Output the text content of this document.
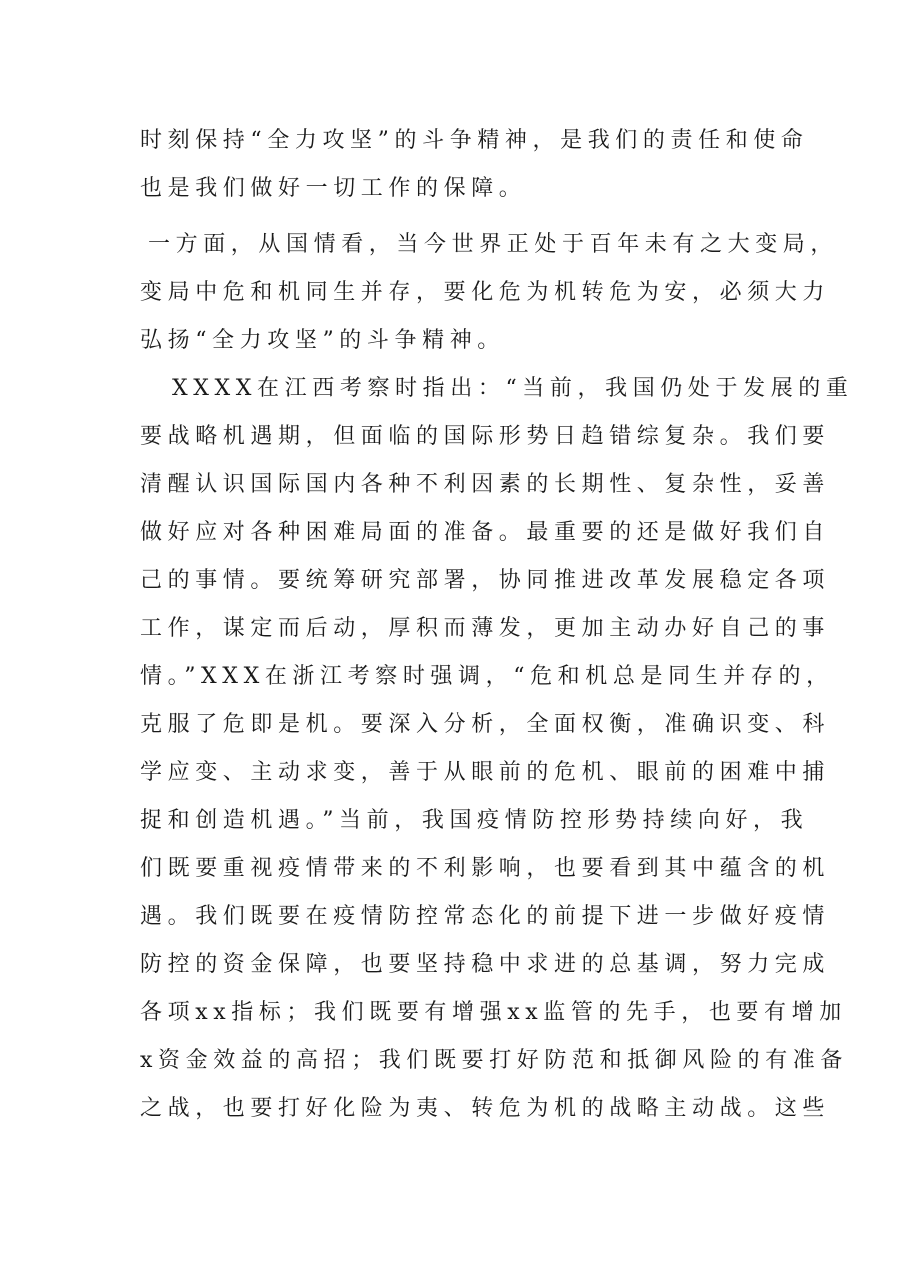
时刻保持“全力攻坚”的斗争精神，是我们的责任和使命
也是我们做好一切工作的保障。
一方面，从国情看，当今世界正处于百年未有之大变局，
变局中危和机同生并存，要化危为机转危为安，必须大力
弘扬“全力攻坚”的斗争精神。
XXXX在江西考察时指出：“当前，我国仍处于发展的重
要战略机遇期，但面临的国际形势日趋错综复杂。我们要
清醒认识国际国内各种不利因素的长期性、复杂性，妥善
做好应对各种困难局面的准备。最重要的还是做好我们自
己的事情。要统筹研究部署，协同推进改革发展稳定各项
工作，谋定而后动，厚积而薄发，更加主动办好自己的事
情。”XXX在浙江考察时强调，“危和机总是同生并存的，
克服了危即是机。要深入分析，全面权衡，准确识变、科
学应变、主动求变，善于从眼前的危机、眼前的困难中捕
捉和创造机遇。”当前，我国疫情防控形势持续向好，我
们既要重视疫情带来的不利影响，也要看到其中蕴含的机
遇。我们既要在疫情防控常态化的前提下进一步做好疫情
防控的资金保障，也要坚持稳中求进的总基调，努力完成
各项xx指标；我们既要有增强xx监管的先手，也要有增加
x资金效益的高招；我们既要打好防范和抵御风险的有准备
之战，也要打好化险为夷、转危为机的战略主动战。这些
